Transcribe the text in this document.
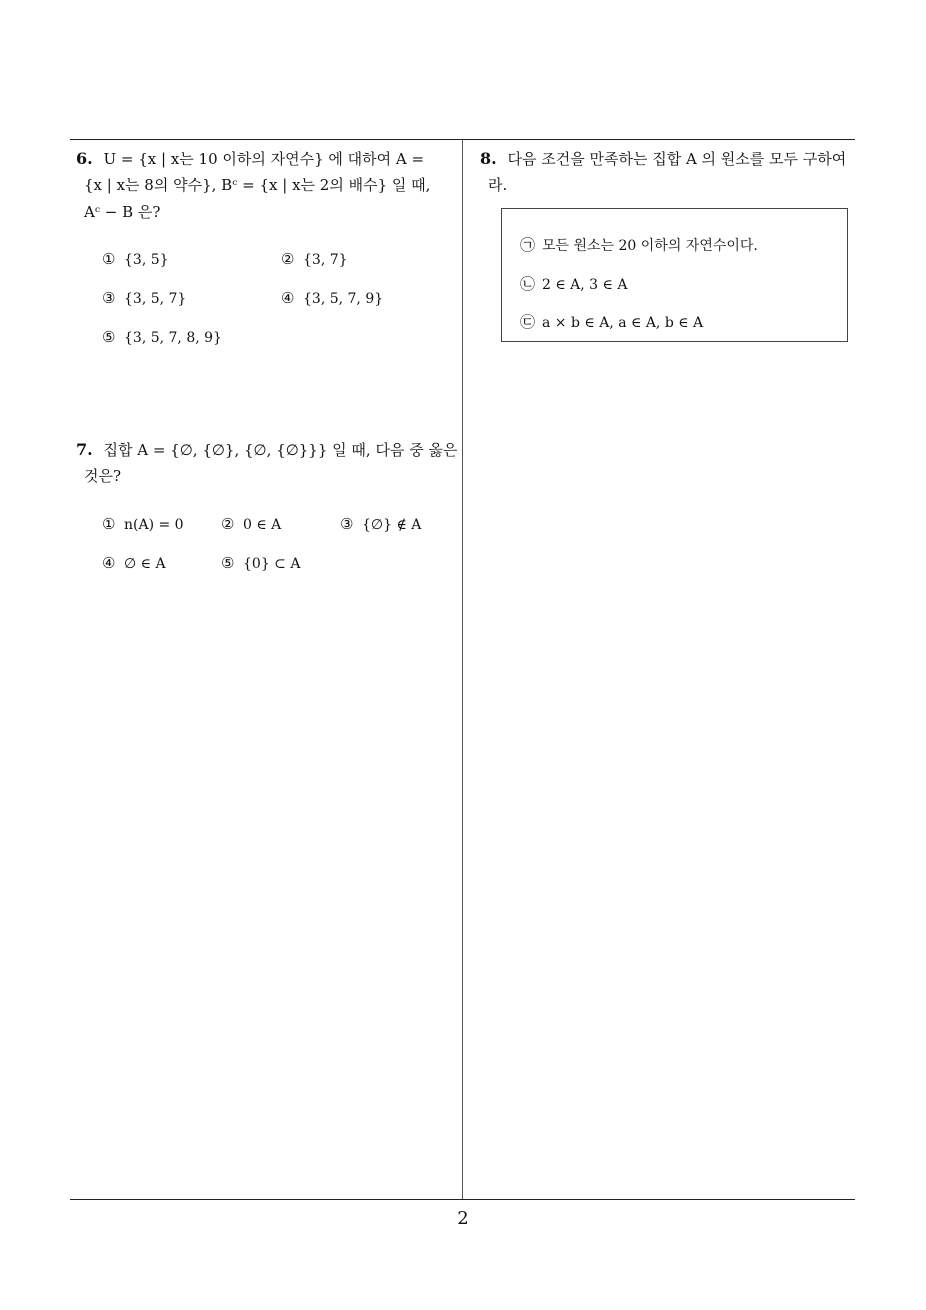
2
6. U = {x | x는 10 이하의 자연수} 에 대하여 A =
{x | x는 8의 약수}, Bᶜ = {x | x는 2의 배수} 일 때,
Aᶜ − B 은?
① {3, 5}	② {3, 7}
③ {3, 5, 7}	④ {3, 5, 7, 9}
⑤ {3, 5, 7, 8, 9}
7. 집합 A = {∅, {∅}, {∅, {∅}}} 일 때, 다음 중 옳은
것은?
① n(A) = 0 ② 0 ∈ A	③ {∅} ∉ A
④ ∅ ∈ A	⑤ {0} ⊂ A
8. 다음 조건을 만족하는 집합 A 의 원소를 모두 구하여
라.
㉠ 모든 원소는 20 이하의 자연수이다.
㉡ 2 ∈ A, 3 ∈ A
㉢ a × b ∈ A, a ∈ A, b ∈ A
